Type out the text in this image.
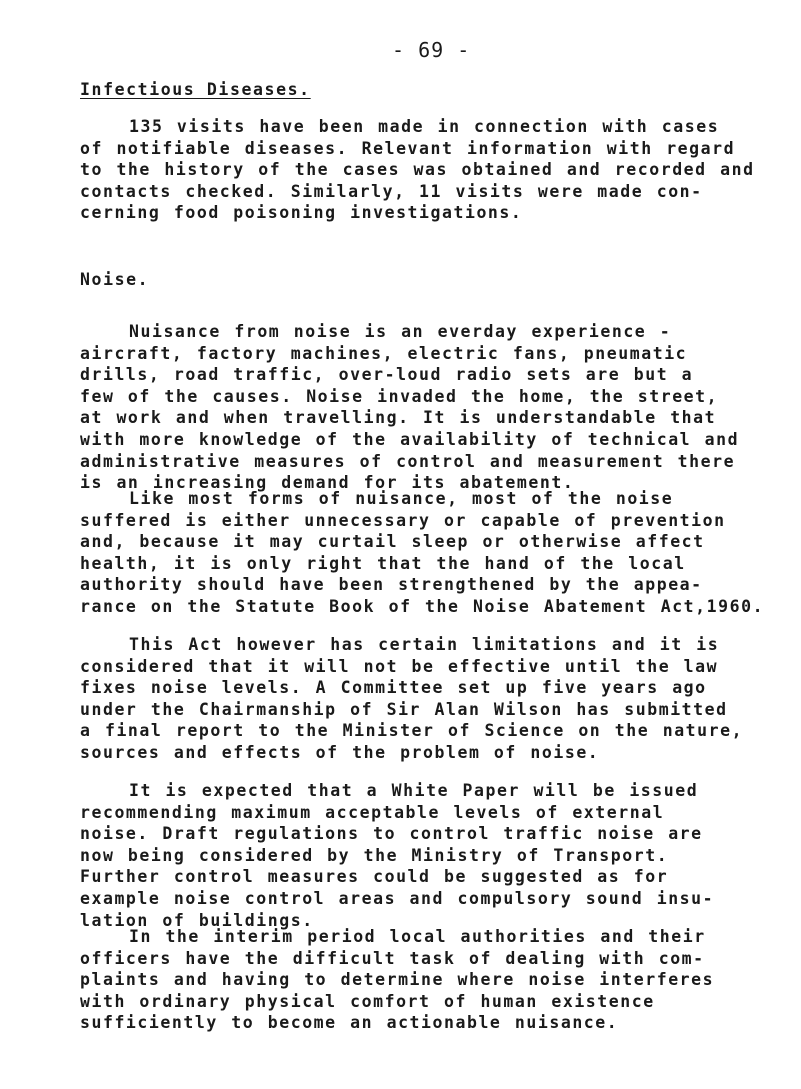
- 69 -
Infectious Diseases.

135 visits have been made in connection with cases
of notifiable diseases. Relevant information with regard
to the history of the cases was obtained and recorded and
contacts checked. Similarly, 11 visits were made con-
cerning food poisoning investigations.

Noise.

Nuisance from noise is an everday experience -
aircraft, factory machines, electric fans, pneumatic
drills, road traffic, over-loud radio sets are but a
few of the causes. Noise invaded the home, the street,
at work and when travelling. It is understandable that
with more knowledge of the availability of technical and
administrative measures of control and measurement there
is an increasing demand for its abatement.

Like most forms of nuisance, most of the noise
suffered is either unnecessary or capable of prevention
and, because it may curtail sleep or otherwise affect
health, it is only right that the hand of the local
authority should have been strengthened by the appea-
rance on the Statute Book of the Noise Abatement Act,1960.

This Act however has certain limitations and it is
considered that it will not be effective until the law
fixes noise levels. A Committee set up five years ago
under the Chairmanship of Sir Alan Wilson has submitted
a final report to the Minister of Science on the nature,
sources and effects of the problem of noise.

It is expected that a White Paper will be issued
recommending maximum acceptable levels of external
noise. Draft regulations to control traffic noise are
now being considered by the Ministry of Transport.
Further control measures could be suggested as for
example noise control areas and compulsory sound insu-
lation of buildings.

In the interim period local authorities and their
officers have the difficult task of dealing with com-
plaints and having to determine where noise interferes
with ordinary physical comfort of human existence
sufficiently to become an actionable nuisance.
